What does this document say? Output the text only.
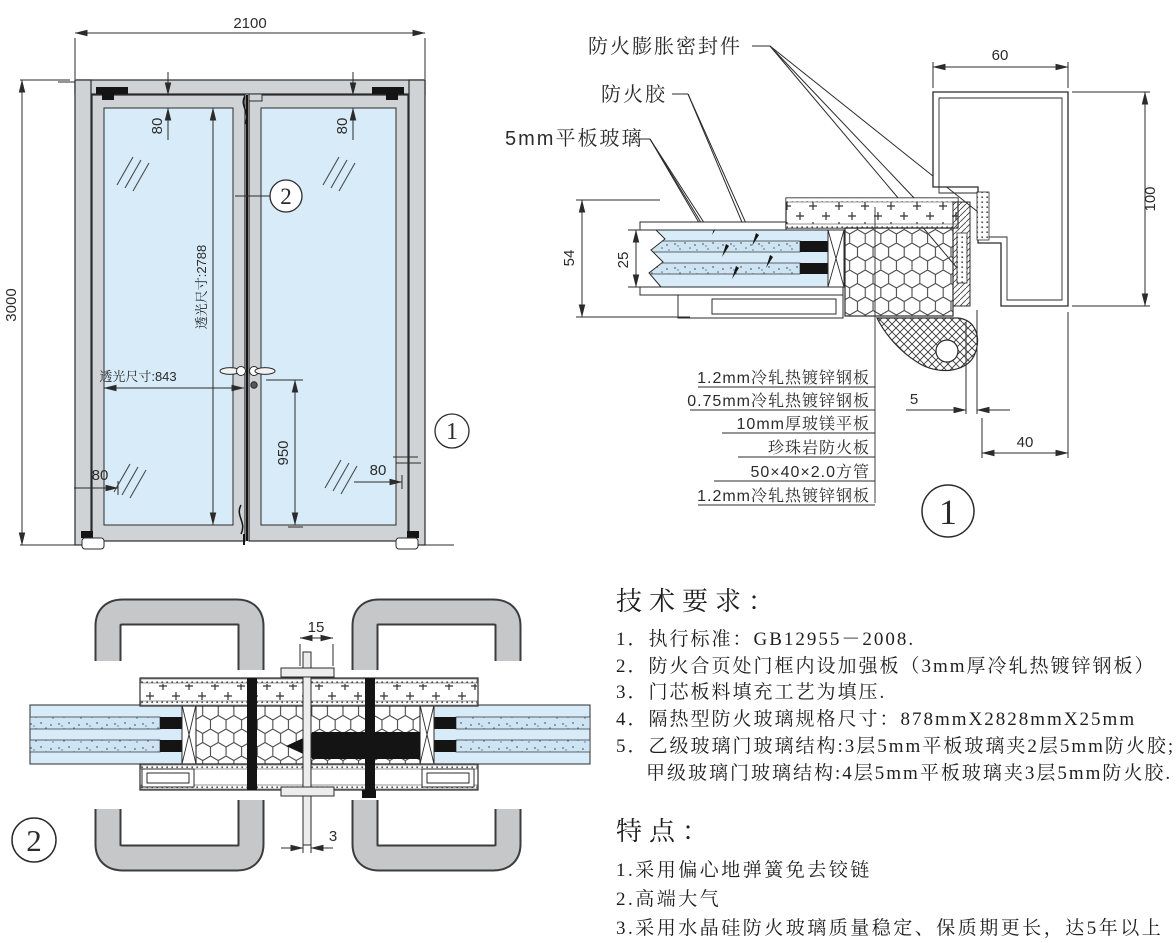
2100
3000
80	80
透光尺寸:2788
透光尺寸:843
950
80	80
2
1
防火膨胀密封件
防火胶
5mm平板玻璃
54 25
60
100
5
40
1.2mm冷轧热镀锌钢板
0.75mm冷轧热镀锌钢板
10mm厚玻镁平板
珍珠岩防火板
50×40×2.0方管
1.2mm冷轧热镀锌钢板 1
15
3
2
技术要求：
1．执行标准：GB12955－2008.
2．防火合页处门框内设加强板（3mm厚冷轧热镀锌钢板）
3．门芯板料填充工艺为填压.
4．隔热型防火玻璃规格尺寸：878mmX2828mmX25mm
5．乙级玻璃门玻璃结构:3层5mm平板玻璃夹2层5mm防火胶;
甲级玻璃门玻璃结构:4层5mm平板玻璃夹3层5mm防火胶.
特点：
1.采用偏心地弹簧免去铰链
2.高端大气
3.采用水晶硅防火玻璃质量稳定、保质期更长，达5年以上
